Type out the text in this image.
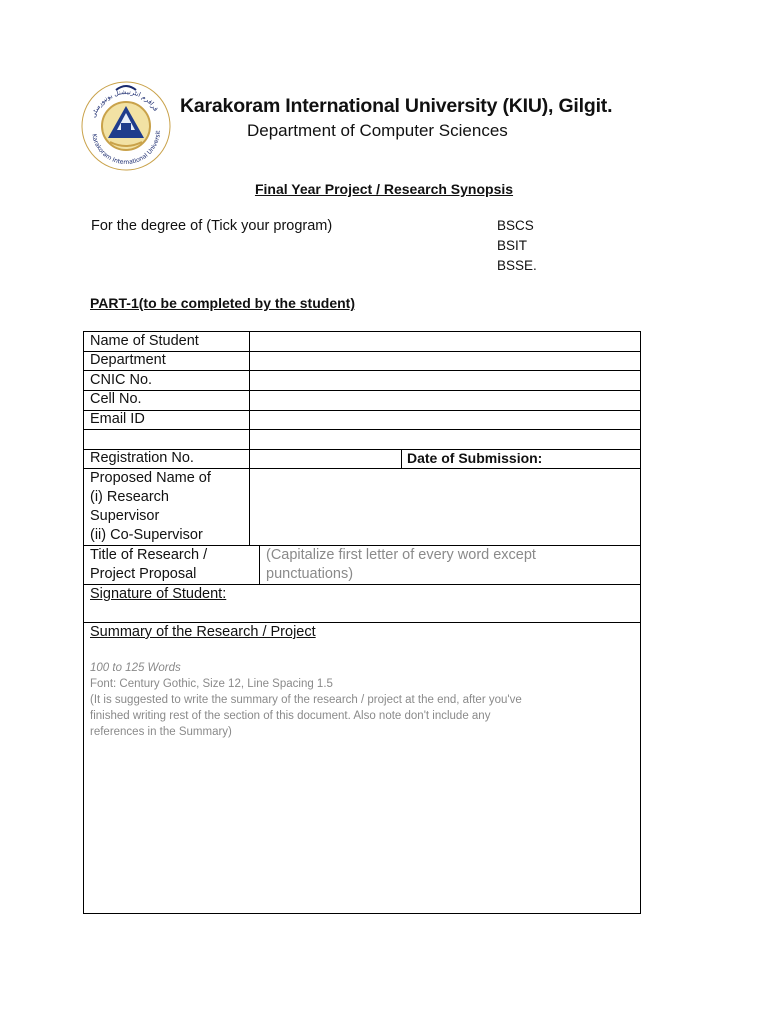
قراقرم انٹرنیشنل یونیورسٹی
Karakoram International Universit
Karakoram International University (KIU), Gilgit.
Department of Computer Sciences
Final Year Project / Research Synopsis
For the degree of (Tick your program)	BSCS
BSIT
BSSE.
PART-1(to be completed by the student)
Name of Student
Department
CNIC No.
Cell No.
Email ID
Registration No.	Date of Submission:
Proposed Name of
(i) Research
Supervisor
(ii) Co-Supervisor
Title of Research /
Project Proposal
(Capitalize first letter of every word except
punctuations)
Signature of Student:
Summary of the Research / Project
100 to 125 Words
Font: Century Gothic, Size 12, Line Spacing 1.5
(It is suggested to write the summary of the research / project at the end, after you've
finished writing rest of the section of this document. Also note don't include any
references in the Summary)
